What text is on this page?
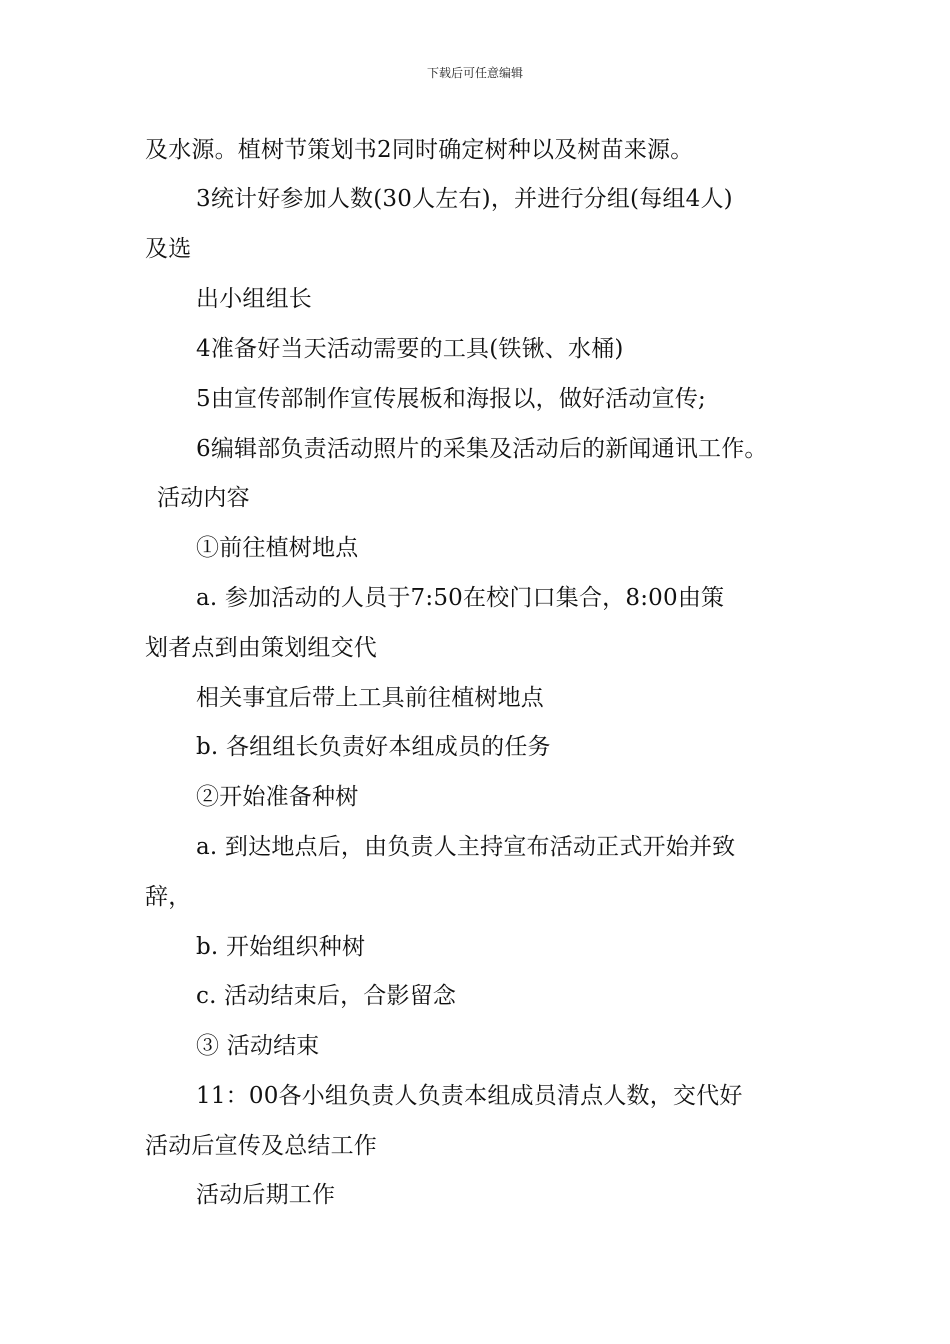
下载后可任意编辑
及水源。植树节策划书2同时确定树种以及树苗来源。
3统计好参加人数(30人左右)，并进行分组(每组4人)
及选
出小组组长
4准备好当天活动需要的工具(铁锹、水桶)
5由宣传部制作宣传展板和海报以，做好活动宣传;
6编辑部负责活动照片的采集及活动后的新闻通讯工作。
活动内容
①前往植树地点
a. 参加活动的人员于7:50在校门口集合，8:00由策
划者点到由策划组交代
相关事宜后带上工具前往植树地点
b. 各组组长负责好本组成员的任务
②开始准备种树
a. 到达地点后，由负责人主持宣布活动正式开始并致
辞，
b. 开始组织种树
c. 活动结束后，合影留念
③ 活动结束
11：00各小组负责人负责本组成员清点人数，交代好
活动后宣传及总结工作
活动后期工作
